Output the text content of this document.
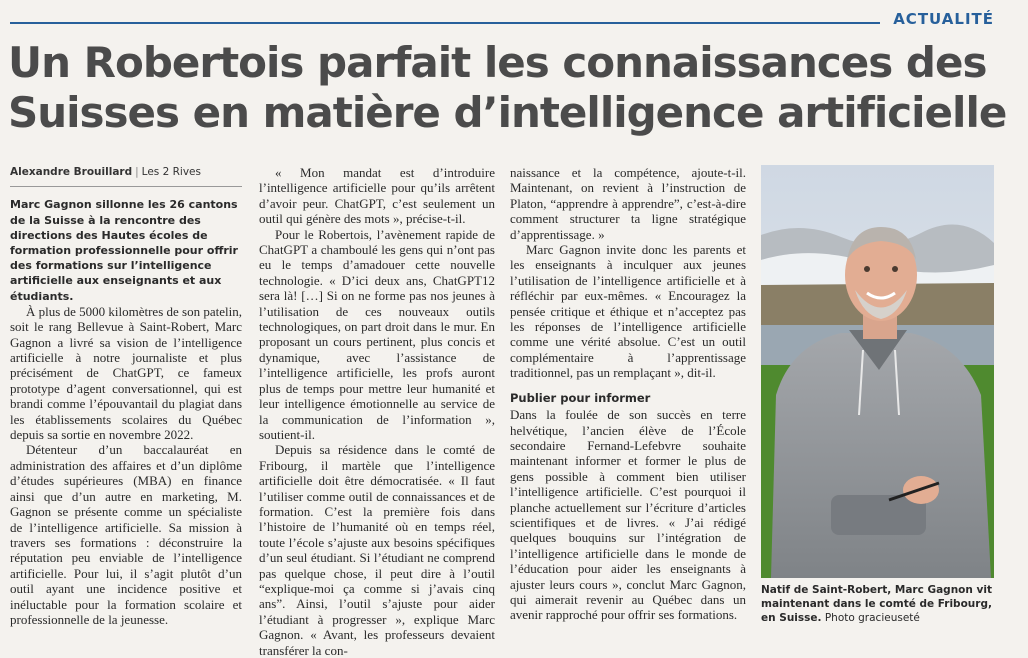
ACTUALITÉ
Un Robertois parfait les connaissances des Suisses en matière d’intelligence artificielle
Alexandre Brouillard | Les 2 Rives

Marc Gagnon sillonne les 26 cantons de la Suisse à la rencontre des directions des Hautes écoles de formation professionnelle pour offrir des formations sur l’intelligence artificielle aux enseignants et aux étudiants.

À plus de 5000 kilomètres de son patelin, soit le rang Bellevue à Saint-Robert, Marc Gagnon a livré sa vision de l’intelligence artificielle à notre journaliste et plus précisément de ChatGPT, ce fameux prototype d’agent conversationnel, qui est brandi comme l’épouvantail du plagiat dans les établissements scolaires du Québec depuis sa sortie en novembre 2022.

Détenteur d’un baccalauréat en administration des affaires et d’un diplôme d’études supérieures (MBA) en finance ainsi que d’un autre en marketing, M. Gagnon se présente comme un spécialiste de l’intelligence artificielle. Sa mission à travers ses formations : déconstruire la réputation peu enviable de l’intelligence artificielle. Pour lui, il s’agit plutôt d’un outil ayant une incidence positive et inéluctable pour la formation scolaire et professionnelle de la jeunesse.

« Mon mandat est d’introduire l’intelligence artificielle pour qu’ils arrêtent d’avoir peur. ChatGPT, c’est seulement un outil qui génère des mots », précise-t-il.

Pour le Robertois, l’avènement rapide de ChatGPT a chamboulé les gens qui n’ont pas eu le temps d’amadouer cette nouvelle technologie. « D’ici deux ans, ChatGPT12 sera là! […] Si on ne forme pas nos jeunes à l’utilisation de ces nouveaux outils technologiques, on part droit dans le mur. En proposant un cours pertinent, plus concis et dynamique, avec l’assistance de l’intelligence artificielle, les profs auront plus de temps pour mettre leur humanité et leur intelligence émotionnelle au service de la communication de l’information », soutient-il.

Depuis sa résidence dans le comté de Fribourg, il martèle que l’intelligence artificielle doit être démocratisée. « Il faut l’utiliser comme outil de connaissances et de formation. C’est la première fois dans l’histoire de l’humanité où en temps réel, toute l’école s’ajuste aux besoins spécifiques d’un seul étudiant. Si l’étudiant ne comprend pas quelque chose, il peut dire à l’outil “explique-moi ça comme si j’avais cinq ans”. Ainsi, l’outil s’ajuste pour aider l’étudiant à progresser », explique Marc Gagnon. « Avant, les professeurs devaient transférer la con-

naissance et la compétence, ajoute-t-il. Maintenant, on revient à l’instruction de Platon, “apprendre à apprendre”, c’est-à-dire comment structurer ta ligne stratégique d’apprentissage. »

Marc Gagnon invite donc les parents et les enseignants à inculquer aux jeunes l’utilisation de l’intelligence artificielle et à réfléchir par eux-mêmes. « Encouragez la pensée critique et éthique et n’acceptez pas les réponses de l’intelligence artificielle comme une vérité absolue. C’est un outil complémentaire à l’apprentissage traditionnel, pas un remplaçant », dit-il.

Publier pour informer

Dans la foulée de son succès en terre helvétique, l’ancien élève de l’École secondaire Fernand-Lefebvre souhaite maintenant informer et former le plus de gens possible à comment bien utiliser l’intelligence artificielle. C’est pourquoi il planche actuellement sur l’écriture d’articles scientifiques et de livres. « J’ai rédigé quelques bouquins sur l’intégration de l’intelligence artificielle dans le monde de l’éducation pour aider les enseignants à ajuster leurs cours », conclut Marc Gagnon, qui aimerait revenir au Québec dans un avenir rapproché pour offrir ses formations.

Natif de Saint-Robert, Marc Gagnon vit maintenant dans le comté de Fribourg, en Suisse. Photo gracieuseté
